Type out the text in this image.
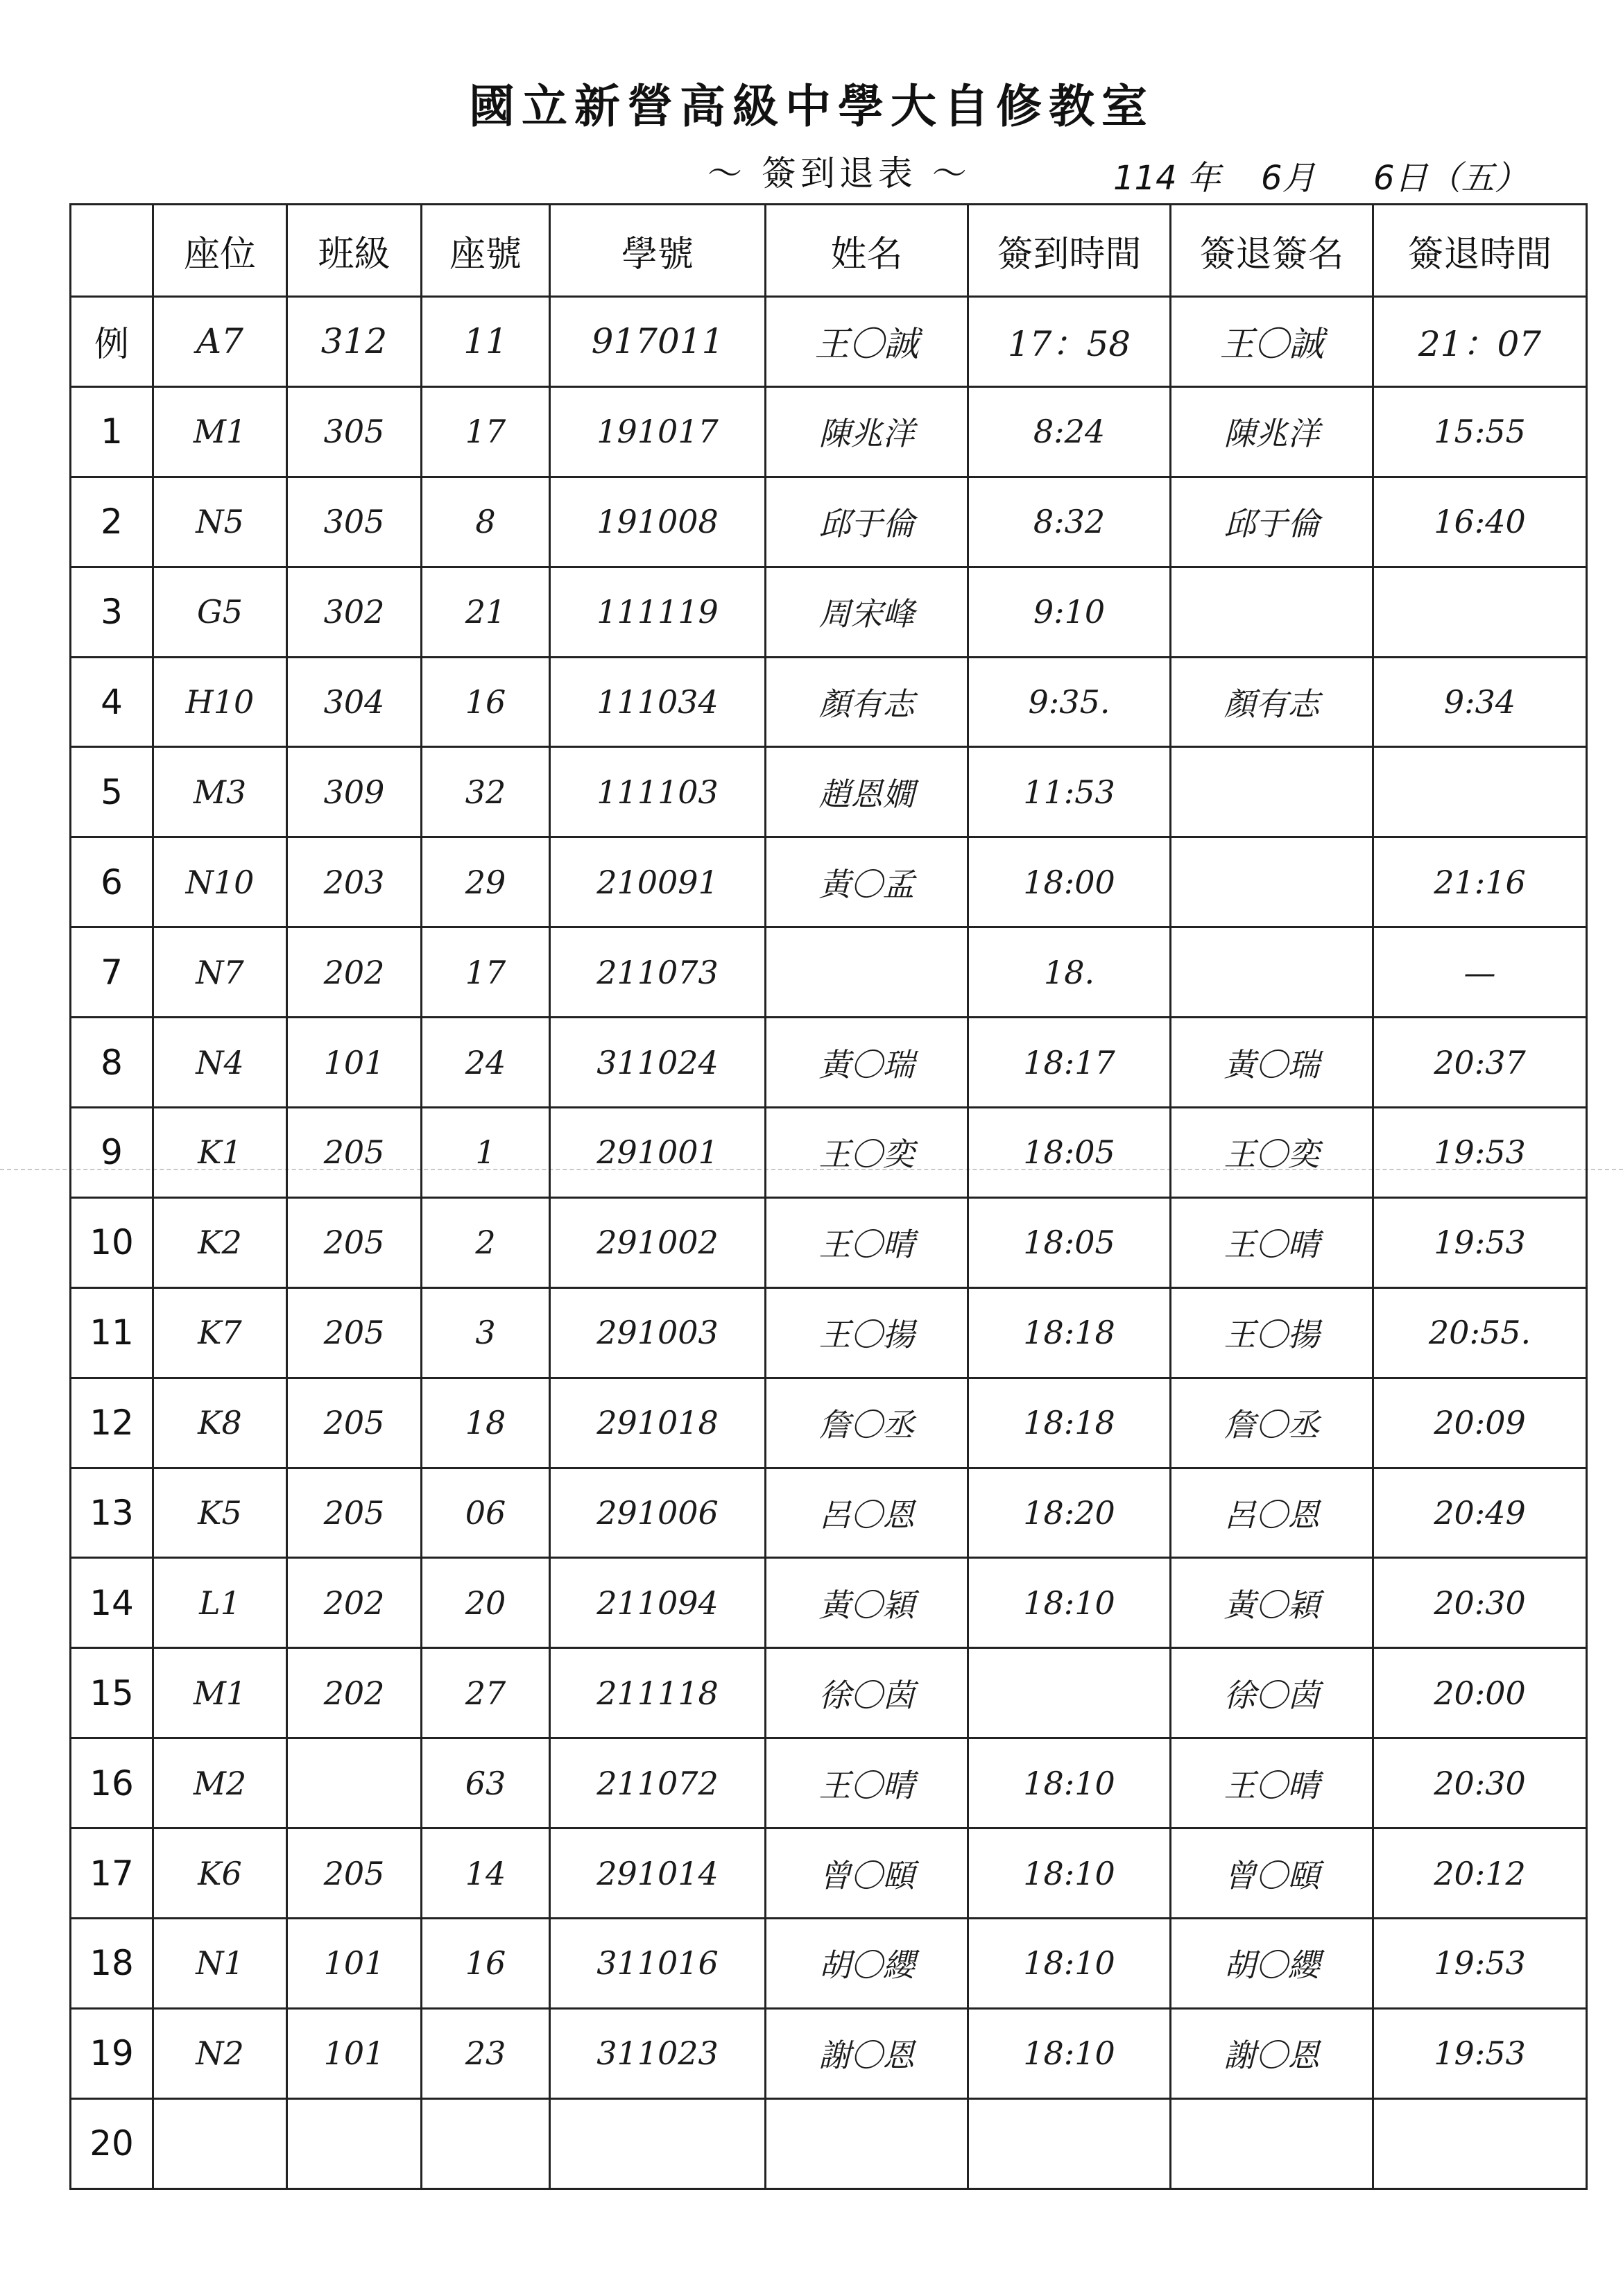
國立新營高級中學大自修教室
～ 簽到退表 ～	114 年 6月 6日（五）
	座位	班級	座號	學號	姓名	簽到時間	簽退簽名	簽退時間
例	A7	312	11	917011	王〇誠	17：58	王〇誠	21：07
1	M1	305	17	191017	陳兆洋	8:24	陳兆洋	15:55
2	N5	305	8	191008	邱于倫	8:32	邱于倫	16:40
3	G5	302	21	111119	周宋峰	9:10		
4	H10	304	16	111034	顏有志	9:35.	顏有志	9:34
5	M3	309	32	111103	趙恩嫺	11:53		
6	N10	203	29	210091	黃〇孟	18:00		21:16
7	N7	202	17	211073		18.		—
8	N4	101	24	311024	黃〇瑞	18:17	黃〇瑞	20:37
9	K1	205	1	291001	王〇奕	18:05	王〇奕	19:53
10	K2	205	2	291002	王〇晴	18:05	王〇晴	19:53
11	K7	205	3	291003	王〇揚	18:18	王〇揚	20:55.
12	K8	205	18	291018	詹〇丞	18:18	詹〇丞	20:09
13	K5	205	06	291006	呂〇恩	18:20	呂〇恩	20:49
14	L1	202	20	211094	黃〇穎	18:10	黃〇穎	20:30
15	M1	202	27	211118	徐〇茵		徐〇茵	20:00
16	M2		63	211072	王〇晴	18:10	王〇晴	20:30
17	K6	205	14	291014	曾〇頤	18:10	曾〇頤	20:12
18	N1	101	16	311016	胡〇纓	18:10	胡〇纓	19:53
19	N2	101	23	311023	謝〇恩	18:10	謝〇恩	19:53
20								
